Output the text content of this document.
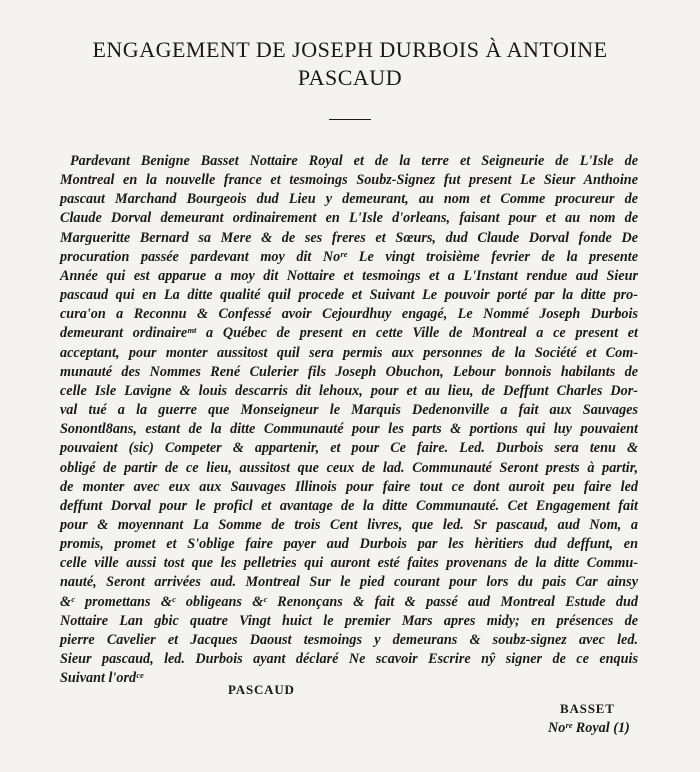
ENGAGEMENT DE JOSEPH DURBOIS À ANTOINE PASCAUD
Pardevant Benigne Basset Nottaire Royal et de la terre et Seigneurie de L'Isle de
Montreal en la nouvelle france et tesmoings Soubz-Signez fut present Le Sieur Anthoine
pascaut Marchand Bourgeois dud Lieu y demeurant, au nom et Comme procureur de
Claude Dorval demeurant ordinairement en L'Isle d'orleans, faisant pour et au nom de
Margueritte Bernard sa Mere & de ses freres et Sœurs, dud Claude Dorval fonde De
procuration passée pardevant moy dit Noʳᵉ Le vingt troisième fevrier de la presente
Année qui est apparue a moy dit Nottaire et tesmoings et a L'Instant rendue aud Sieur
pascaud qui en La ditte qualité quil procede et Suivant Le pouvoir porté par la ditte pro-
cura'on a Reconnu & Confessé avoir Cejourdhuy engagé, Le Nommé Joseph Durbois
demeurant ordinaireᵐᵗ a Québec de present en cette Ville de Montreal a ce present et
acceptant, pour monter aussitost quil sera permis aux personnes de la Société et Com-
munauté des Nommes René Culerier fils Joseph Obuchon, Lebour bonnois habilants de
celle Isle Lavigne & louis descarris dit lehoux, pour et au lieu, de Deffunt Charles Dor-
val tué a la guerre que Monseigneur le Marquis Dedenonville a fait aux Sauvages
Sonontl8ans, estant de la ditte Communauté pour les parts & portions qui luy pouvaient
pouvaient (sic) Competer & appartenir, et pour Ce faire. Led. Durbois sera tenu &
obligé de partir de ce lieu, aussitost que ceux de lad. Communauté Seront prests à partir,
de monter avec eux aux Sauvages Illinois pour faire tout ce dont auroit peu faire led
deffunt Dorval pour le proficl et avantage de la ditte Communauté. Cet Engagement fait
pour & moyennant La Somme de trois Cent livres, que led. Sr pascaud, aud Nom, a
promis, promet et S'oblige faire payer aud Durbois par les hèritiers dud deffunt, en
celle ville aussi tost que les pelletries qui auront esté faites provenans de la ditte Commu-
nauté, Seront arrivées aud. Montreal Sur le pied courant pour lors du pais Car ainsy
&ᶜ promettans &ᶜ obligeans &ᶜ Renonçans & fait & passé aud Montreal Estude dud
Nottaire Lan gbic quatre Vingt huict le premier Mars apres midy; en présences de
pierre Cavelier et Jacques Daoust tesmoings y demeurans & soubz-signez avec led.
Sieur pascaud, led. Durbois ayant déclaré Ne scavoir Escrire nŷ signer de ce enquis
Suivant l'ordᶜᵉ
PASCAUD
BASSET
Noʳᵉ Royal (1)
